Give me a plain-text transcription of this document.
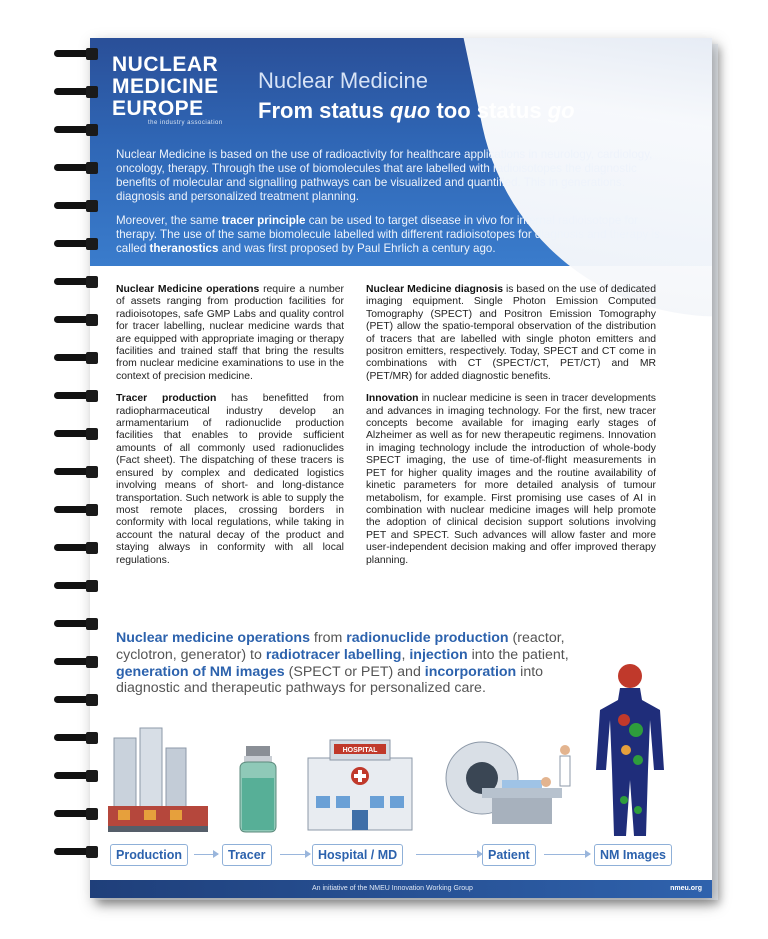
NUCLEAR
MEDICINE
EUROPE
the industry association
Nuclear Medicine
From status quo too status go

Nuclear Medicine is based on the use of radioactivity for healthcare applications in neurology, cardiology, oncology, therapy. Through the use of biomolecules that are labelled with radioisotopes the diagnostic benefits of molecular and signalling pathways can be visualized and quantified. This in generations. diagnosis and personalized treatment planning.

Moreover, the same tracer principle can be used to target disease in vivo for internal radioisotope for therapy. The use of the same biomolecule labelled with different radioisotopes for diagnosis and therapy is called theranostics and was first proposed by Paul Ehrlich a century ago.

Nuclear Medicine operations require a number of assets ranging from production facilities for radioisotopes, safe GMP Labs and quality control for tracer labelling, nuclear medicine wards that are equipped with appropriate imaging or therapy facilities and trained staff that bring the results from nuclear medicine examinations to use in the context of precision medicine.

Tracer production has benefitted from radiopharmaceutical industry develop an armamentarium of radionuclide production facilities that enables to provide sufficient amounts of all commonly used radionuclides (Fact sheet). The dispatching of these tracers is ensured by complex and dedicated logistics involving means of short- and long-distance transportation. Such network is able to supply the most remote places, crossing borders in conformity with local regulations, while taking in account the natural decay of the product and staying always in conformity with all local regulations.

Nuclear Medicine diagnosis is based on the use of dedicated imaging equipment. Single Photon Emission Computed Tomography (SPECT) and Positron Emission Tomography (PET) allow the spatio-temporal observation of the distribution of tracers that are labelled with single photon emitters and positron emitters, respectively. Today, SPECT and CT come in combinations with CT (SPECT/CT, PET/CT) and MR (PET/MR) for added diagnostic benefits.

Innovation in nuclear medicine is seen in tracer developments and advances in imaging technology. For the first, new tracer concepts become available for imaging early stages of Alzheimer as well as for new therapeutic regimens. Innovation in imaging technology include the introduction of whole-body SPECT imaging, the use of time-of-flight measurements in PET for higher quality images and the routine availability of kinetic parameters for more detailed analysis of tumour metabolism, for example. First promising use cases of AI in combination with nuclear medicine images will help promote the adoption of clinical decision support solutions involving PET and SPECT. Such advances will allow faster and more user-independent decision making and offer improved therapy planning.

Nuclear medicine operations from radionuclide production (reactor, cyclotron, generator) to radiotracer labelling, injection into the patient, generation of NM images (SPECT or PET) and incorporation into diagnostic and therapeutic pathways for personalized care.
HOSPITAL
Production	Tracer	Hospital / MD	Patient	NM Images
An initiative of the NMEU Innovation Working Group	nmeu.org
